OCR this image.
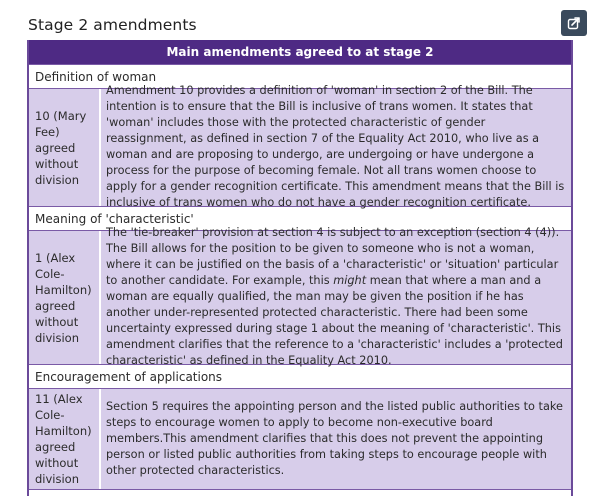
Stage 2 amendments
Main amendments agreed to at stage 2
Definition of woman
10 (Mary
Fee)
agreed
without
division
Amendment 10 provides a definition of 'woman' in section 2 of the Bill. The intention is to ensure that the Bill is inclusive of trans women. It states that 'woman' includes those with the protected characteristic of gender reassignment, as defined in section 7 of the Equality Act 2010, who live as a woman and are proposing to undergo, are undergoing or have undergone a process for the purpose of becoming female. Not all trans women choose to apply for a gender recognition certificate. This amendment means that the Bill is inclusive of trans women who do not have a gender recognition certificate.
Meaning of 'characteristic'
1 (Alex
Cole-
Hamilton)
agreed
without
division
The 'tie-breaker' provision at section 4 is subject to an exception (section 4 (4)). The Bill allows for the position to be given to someone who is not a woman, where it can be justified on the basis of a 'characteristic' or 'situation' particular to another candidate. For example, this might mean that where a man and a woman are equally qualified, the man may be given the position if he has another under-represented protected characteristic. There had been some uncertainty expressed during stage 1 about the meaning of 'characteristic'. This amendment clarifies that the reference to a 'characteristic' includes a 'protected characteristic' as defined in the Equality Act 2010.
Encouragement of applications
11 (Alex
Cole-
Hamilton)
agreed
without
division
Section 5 requires the appointing person and the listed public authorities to take steps to encourage women to apply to become non-executive board members.This amendment clarifies that this does not prevent the appointing person or listed public authorities from taking steps to encourage people with other protected characteristics.
